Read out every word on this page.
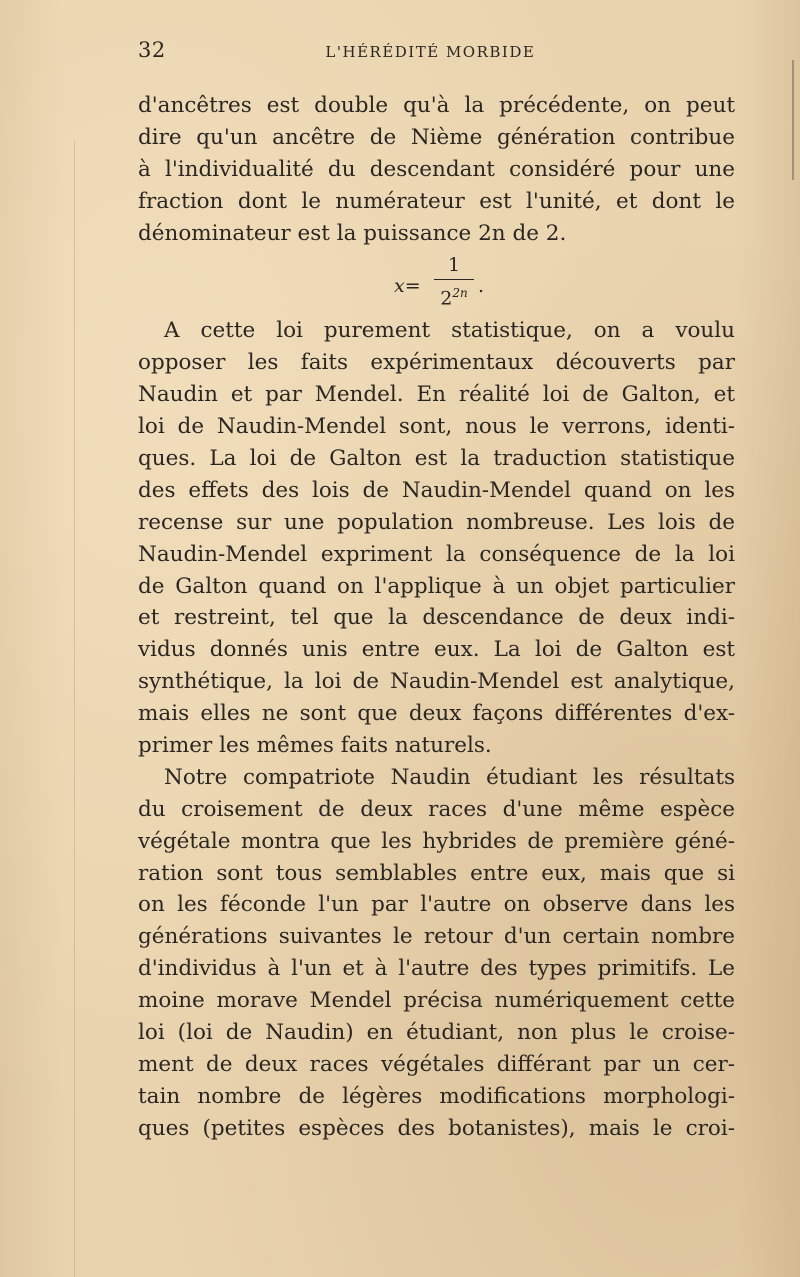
32	L'HÉRÉDITÉ MORBIDE
d'ancêtres est double qu'à la précédente, on peut
dire qu'un ancêtre de Nième génération contribue
à l'individualité du descendant considéré pour une
fraction dont le numérateur est l'unité, et dont le
dénominateur est la puissance 2n de 2.
x=
1
$2^{2n}$ .
A cette loi purement statistique, on a voulu
opposer les faits expérimentaux découverts par
Naudin et par Mendel. En réalité loi de Galton, et
loi de Naudin-Mendel sont, nous le verrons, identi-
ques. La loi de Galton est la traduction statistique
des effets des lois de Naudin-Mendel quand on les
recense sur une population nombreuse. Les lois de
Naudin-Mendel expriment la conséquence de la loi
de Galton quand on l'applique à un objet particulier
et restreint, tel que la descendance de deux indi-
vidus donnés unis entre eux. La loi de Galton est
synthétique, la loi de Naudin-Mendel est analytique,
mais elles ne sont que deux façons différentes d'ex-
primer les mêmes faits naturels.
Notre compatriote Naudin étudiant les résultats
du croisement de deux races d'une même espèce
végétale montra que les hybrides de première géné-
ration sont tous semblables entre eux, mais que si
on les féconde l'un par l'autre on observe dans les
générations suivantes le retour d'un certain nombre
d'individus à l'un et à l'autre des types primitifs. Le
moine morave Mendel précisa numériquement cette
loi (loi de Naudin) en étudiant, non plus le croise-
ment de deux races végétales différant par un cer-
tain nombre de légères modifications morphologi-
ques (petites espèces des botanistes), mais le croi-
